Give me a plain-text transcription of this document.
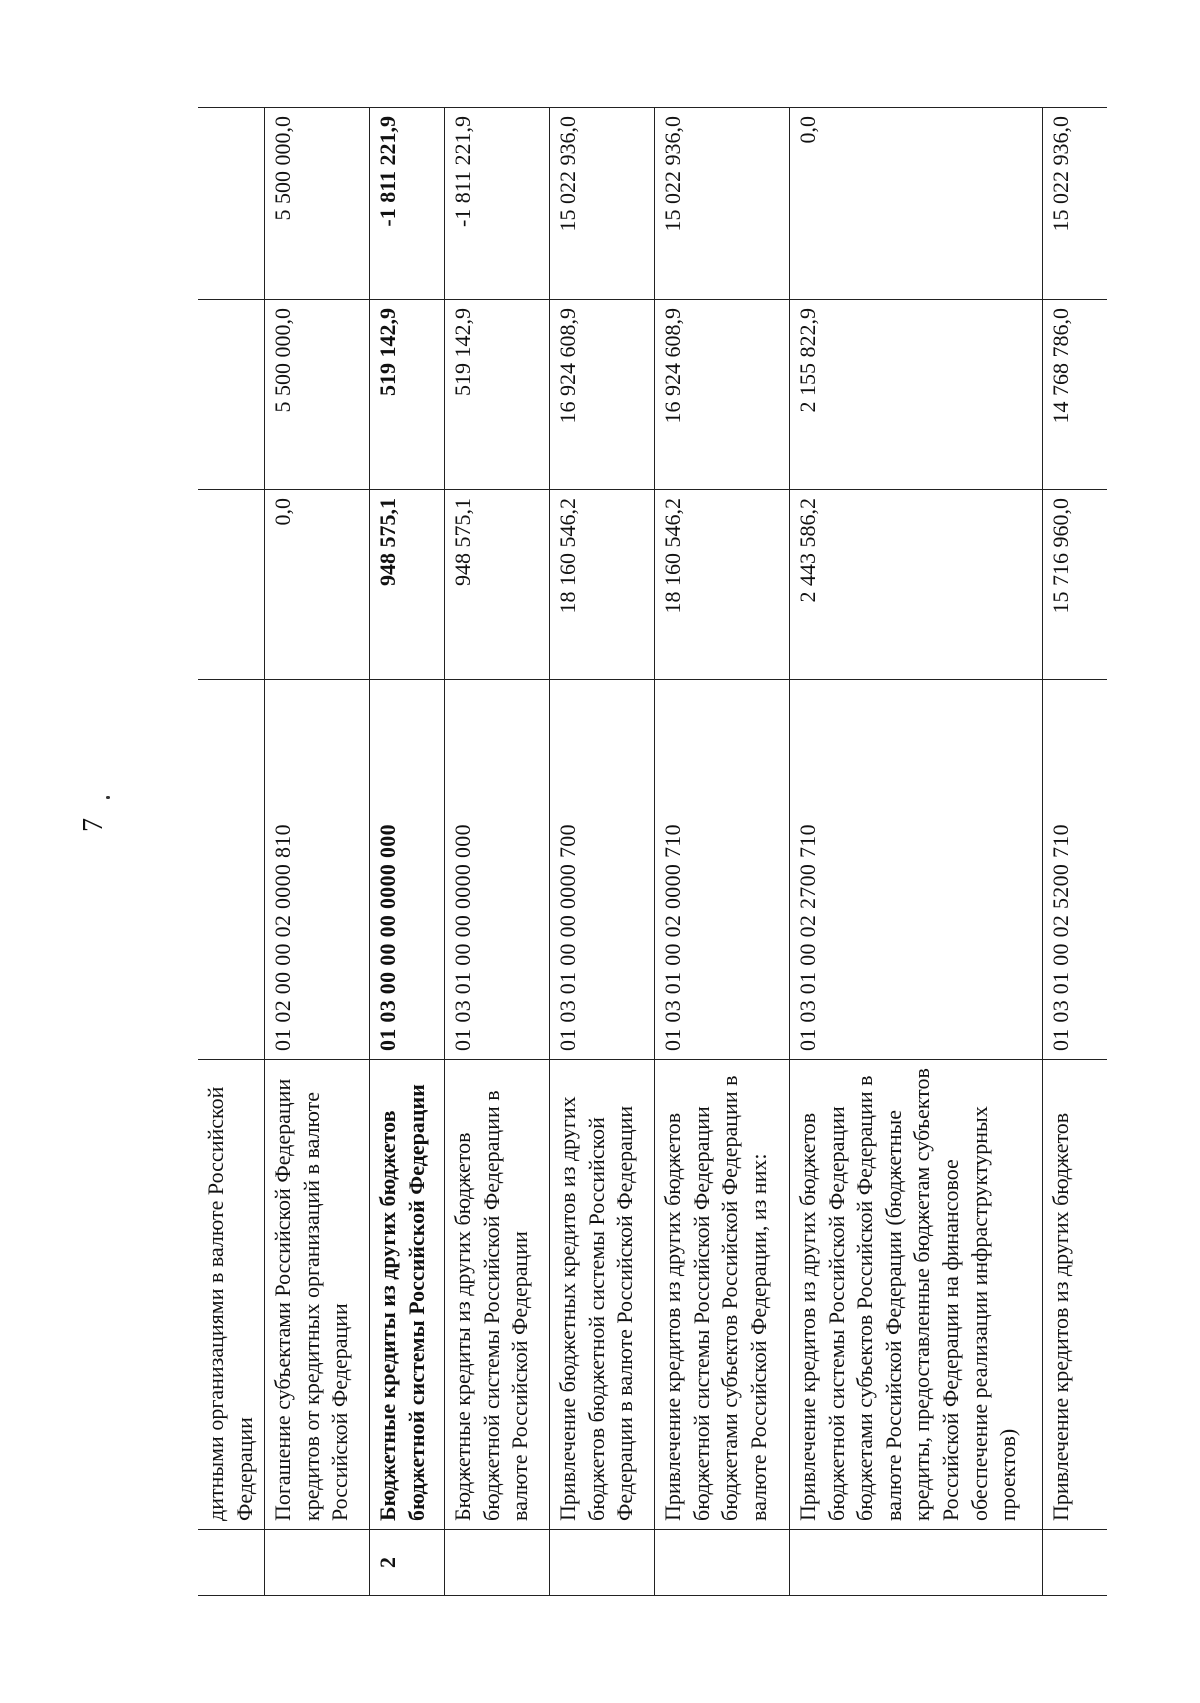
7
	дитными организациями в валюте Российской Федерации				
	Погашение субъектами Российской Федерации кредитов от кредитных организаций в валюте Российской Федерации	01 02 00 00 02 0000 810	0,0	5 500 000,0	5 500 000,0
2	Бюджетные кредиты из других бюджетов бюджетной системы Российской Федерации	01 03 00 00 00 0000 000	948 575,1	519 142,9	-1 811 221,9
	Бюджетные кредиты из других бюджетов бюджетной системы Российской Федерации в валюте Российской Федерации	01 03 01 00 00 0000 000	948 575,1	519 142,9	-1 811 221,9
	Привлечение бюджетных кредитов из других бюджетов бюджетной системы Российской Федерации в валюте Российской Федерации	01 03 01 00 00 0000 700	18 160 546,2	16 924 608,9	15 022 936,0
	Привлечение кредитов из других бюджетов бюджетной системы Российской Федерации бюджетами субъектов Российской Федерации в валюте Российской Федерации, из них:	01 03 01 00 02 0000 710	18 160 546,2	16 924 608,9	15 022 936,0
	Привлечение кредитов из других бюджетов бюджетной системы Российской Федерации бюджетами субъектов Российской Федерации в валюте Российской Федерации (бюджетные кредиты, предоставленные бюджетам субъектов Российской Федерации на финансовое обеспечение реализации инфраструктурных проектов)	01 03 01 00 02 2700 710	2 443 586,2	2 155 822,9	0,0
	Привлечение кредитов из других бюджетов	01 03 01 00 02 5200 710	15 716 960,0	14 768 786,0	15 022 936,0
